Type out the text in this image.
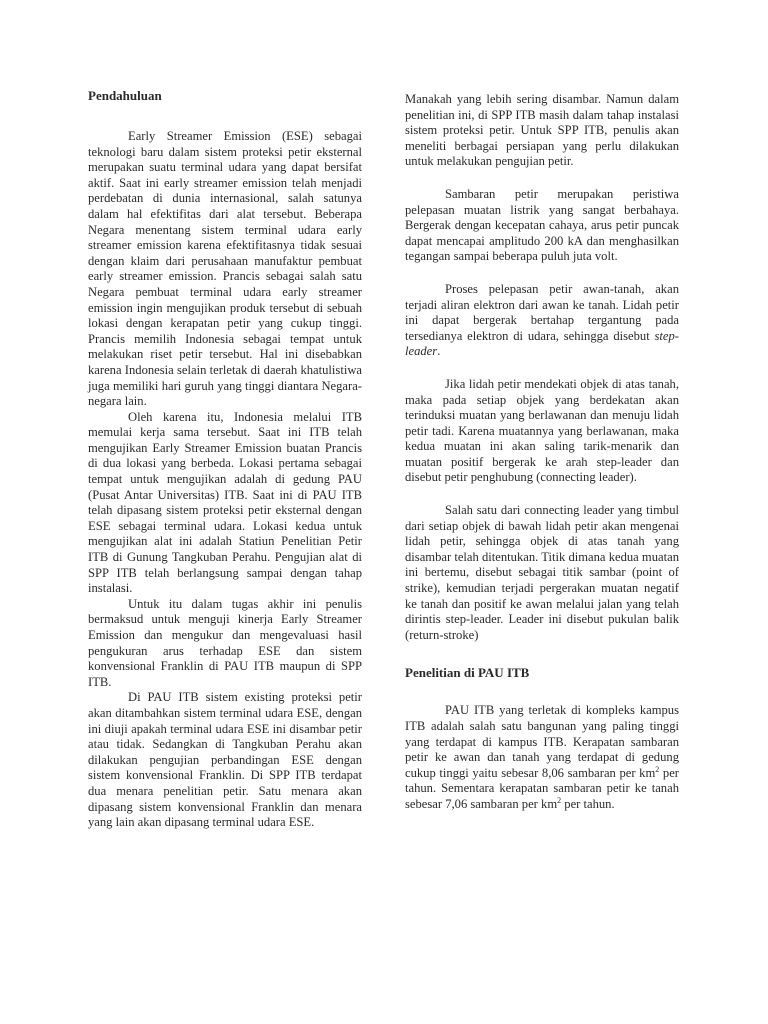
Pendahuluan

Early Streamer Emission (ESE) sebagai teknologi baru dalam sistem proteksi petir eksternal merupakan suatu terminal udara yang dapat bersifat aktif. Saat ini early streamer emission telah menjadi perdebatan di dunia internasional, salah satunya dalam hal efektifitas dari alat tersebut. Beberapa Negara menentang sistem terminal udara early streamer emission karena efektifitasnya tidak sesuai dengan klaim dari perusahaan manufaktur pembuat early streamer emission. Prancis sebagai salah satu Negara pembuat terminal udara early streamer emission ingin mengujikan produk tersebut di sebuah lokasi dengan kerapatan petir yang cukup tinggi. Prancis memilih Indonesia sebagai tempat untuk melakukan riset petir tersebut. Hal ini disebabkan karena Indonesia selain terletak di daerah khatulistiwa juga memiliki hari guruh yang tinggi diantara Negara-negara lain.

Oleh karena itu, Indonesia melalui ITB memulai kerja sama tersebut. Saat ini ITB telah mengujikan Early Streamer Emission buatan Prancis di dua lokasi yang berbeda. Lokasi pertama sebagai tempat untuk mengujikan adalah di gedung PAU (Pusat Antar Universitas) ITB. Saat ini di PAU ITB telah dipasang sistem proteksi petir eksternal dengan ESE sebagai terminal udara. Lokasi kedua untuk mengujikan alat ini adalah Statiun Penelitian Petir ITB di Gunung Tangkuban Perahu. Pengujian alat di SPP ITB telah berlangsung sampai dengan tahap instalasi.

Untuk itu dalam tugas akhir ini penulis bermaksud untuk menguji kinerja Early Streamer Emission dan mengukur dan mengevaluasi hasil pengukuran arus terhadap ESE dan sistem konvensional Franklin di PAU ITB maupun di SPP ITB.

Di PAU ITB sistem existing proteksi petir akan ditambahkan sistem terminal udara ESE, dengan ini diuji apakah terminal udara ESE ini disambar petir atau tidak. Sedangkan di Tangkuban Perahu akan dilakukan pengujian perbandingan ESE dengan sistem konvensional Franklin. Di SPP ITB terdapat dua menara penelitian petir. Satu menara akan dipasang sistem konvensional Franklin dan menara yang lain akan dipasang terminal udara ESE.

Manakah yang lebih sering disambar. Namun dalam penelitian ini, di SPP ITB masih dalam tahap instalasi sistem proteksi petir. Untuk SPP ITB, penulis akan meneliti berbagai persiapan yang perlu dilakukan untuk melakukan pengujian petir.

Sambaran petir merupakan peristiwa pelepasan muatan listrik yang sangat berbahaya. Bergerak dengan kecepatan cahaya, arus petir puncak dapat mencapai amplitudo 200 kA dan menghasilkan tegangan sampai beberapa puluh juta volt.

Proses pelepasan petir awan-tanah, akan terjadi aliran elektron dari awan ke tanah. Lidah petir ini dapat bergerak bertahap tergantung pada tersedianya elektron di udara, sehingga disebut step-leader.

Jika lidah petir mendekati objek di atas tanah, maka pada setiap objek yang berdekatan akan terinduksi muatan yang berlawanan dan menuju lidah petir tadi. Karena muatannya yang berlawanan, maka kedua muatan ini akan saling tarik-menarik dan muatan positif bergerak ke arah step-leader dan disebut petir penghubung (connecting leader).

Salah satu dari connecting leader yang timbul dari setiap objek di bawah lidah petir akan mengenai lidah petir, sehingga objek di atas tanah yang disambar telah ditentukan. Titik dimana kedua muatan ini bertemu, disebut sebagai titik sambar (point of strike), kemudian terjadi pergerakan muatan negatif ke tanah dan positif ke awan melalui jalan yang telah dirintis step-leader. Leader ini disebut pukulan balik (return-stroke)

Penelitian di PAU ITB

PAU ITB yang terletak di kompleks kampus ITB adalah salah satu bangunan yang paling tinggi yang terdapat di kampus ITB. Kerapatan sambaran petir ke awan dan tanah yang terdapat di gedung cukup tinggi yaitu sebesar 8,06 sambaran per $km^2$ per tahun. Sementara kerapatan sambaran petir ke tanah sebesar 7,06 sambaran per $km^2$ per tahun.
